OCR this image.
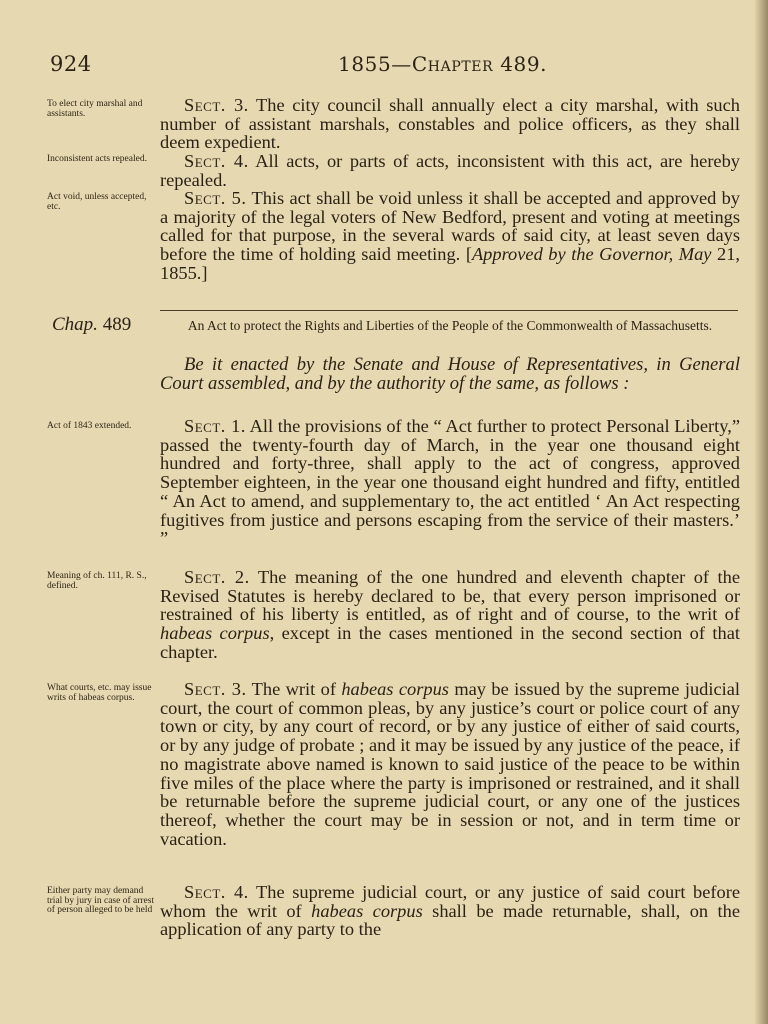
924	1855—Chapter 489.
To elect city marshal and assistants.	Sect. 3. The city council shall annually elect a city marshal, with such number of assistant marshals, constables and police officers, as they shall deem expedient.
Inconsistent acts repealed.	Sect. 4. All acts, or parts of acts, inconsistent with this act, are hereby repealed.
Act void, unless accepted, etc.	Sect. 5. This act shall be void unless it shall be accepted and approved by a majority of the legal voters of New Bedford, present and voting at meetings called for that purpose, in the several wards of said city, at least seven days before the time of holding said meeting. [Approved by the Governor, May 21, 1855.]
Chap. 489	An Act to protect the Rights and Liberties of the People of the Commonwealth of Massachusetts.
Be it enacted by the Senate and House of Representatives, in General Court assembled, and by the authority of the same, as follows :
Act of 1843 extended.	Sect. 1. All the provisions of the “ Act further to protect Personal Liberty,” passed the twenty-fourth day of March, in the year one thousand eight hundred and forty-three, shall apply to the act of congress, approved September eighteen, in the year one thousand eight hundred and fifty, entitled “ An Act to amend, and supplementary to, the act entitled ‘ An Act respecting fugitives from justice and persons escaping from the service of their masters.’ ”
Meaning of ch. 111, R. S., defined.	Sect. 2. The meaning of the one hundred and eleventh chapter of the Revised Statutes is hereby declared to be, that every person imprisoned or restrained of his liberty is entitled, as of right and of course, to the writ of habeas corpus, except in the cases mentioned in the second section of that chapter.
What courts, etc. may issue writs of habeas corpus.	Sect. 3. The writ of habeas corpus may be issued by the supreme judicial court, the court of common pleas, by any justice’s court or police court of any town or city, by any court of record, or by any justice of either of said courts, or by any judge of probate ; and it may be issued by any justice of the peace, if no magistrate above named is known to said justice of the peace to be within five miles of the place where the party is imprisoned or restrained, and it shall be returnable before the supreme judicial court, or any one of the justices thereof, whether the court may be in session or not, and in term time or vacation.
Either party may demand trial by jury in case of arrest of person alleged to be held
Sect. 4. The supreme judicial court, or any justice of said court before whom the writ of habeas corpus shall be made returnable, shall, on the application of any party to the
